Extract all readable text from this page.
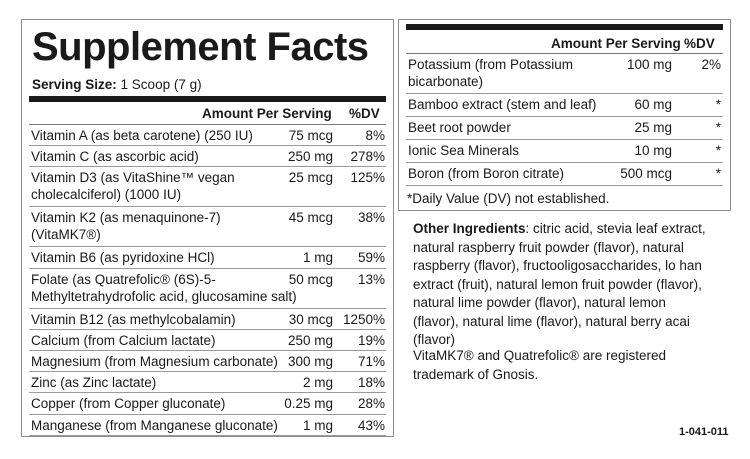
Supplement Facts
Serving Size: 1 Scoop (7 g)
Amount Per Serving %DV
Vitamin A (as beta carotene) (250 IU)	75 mcg 8%
Vitamin C (as ascorbic acid)	250 mg 278%
Vitamin D3 (as VitaShine™ vegan
cholecalciferol) (1000 IU)
25 mcg 125%
Vitamin K2 (as menaquinone-7)
(VitaMK7®)
45 mcg 38%
Vitamin B6 (as pyridoxine HCl)	1 mg 59%
Folate (as Quatrefolic® (6S)-5-
Methyltetrahydrofolic acid, glucosamine salt)
50 mcg 13%
Vitamin B12 (as methylcobalamin)	30 mcg 1250%
Calcium (from Calcium lactate)	250 mg 19%
Magnesium (from Magnesium carbonate) 300 mg 71%
Zinc (as Zinc lactate)	2 mg 18%
Copper (from Copper gluconate)	0.25 mg 28%
Manganese (from Manganese gluconate) 1 mg 43%
Amount Per Serving %DV
Potassium (from Potassium
bicarbonate)
100 mg 2%
Bamboo extract (stem and leaf)	60 mg	*
Beet root powder	25 mg	*
Ionic Sea Minerals	10 mg	*
Boron (from Boron citrate)	500 mcg	*
*Daily Value (DV) not established.
Other Ingredients: citric acid, stevia leaf extract, natural raspberry fruit powder (flavor), natural raspberry (flavor), fructooligosaccharides, lo han extract (fruit), natural lemon fruit powder (flavor), natural lime powder (flavor), natural lemon (flavor), natural lime (flavor), natural berry acai (flavor)
VitaMK7® and Quatrefolic® are registered trademark of Gnosis.
1-041-011
